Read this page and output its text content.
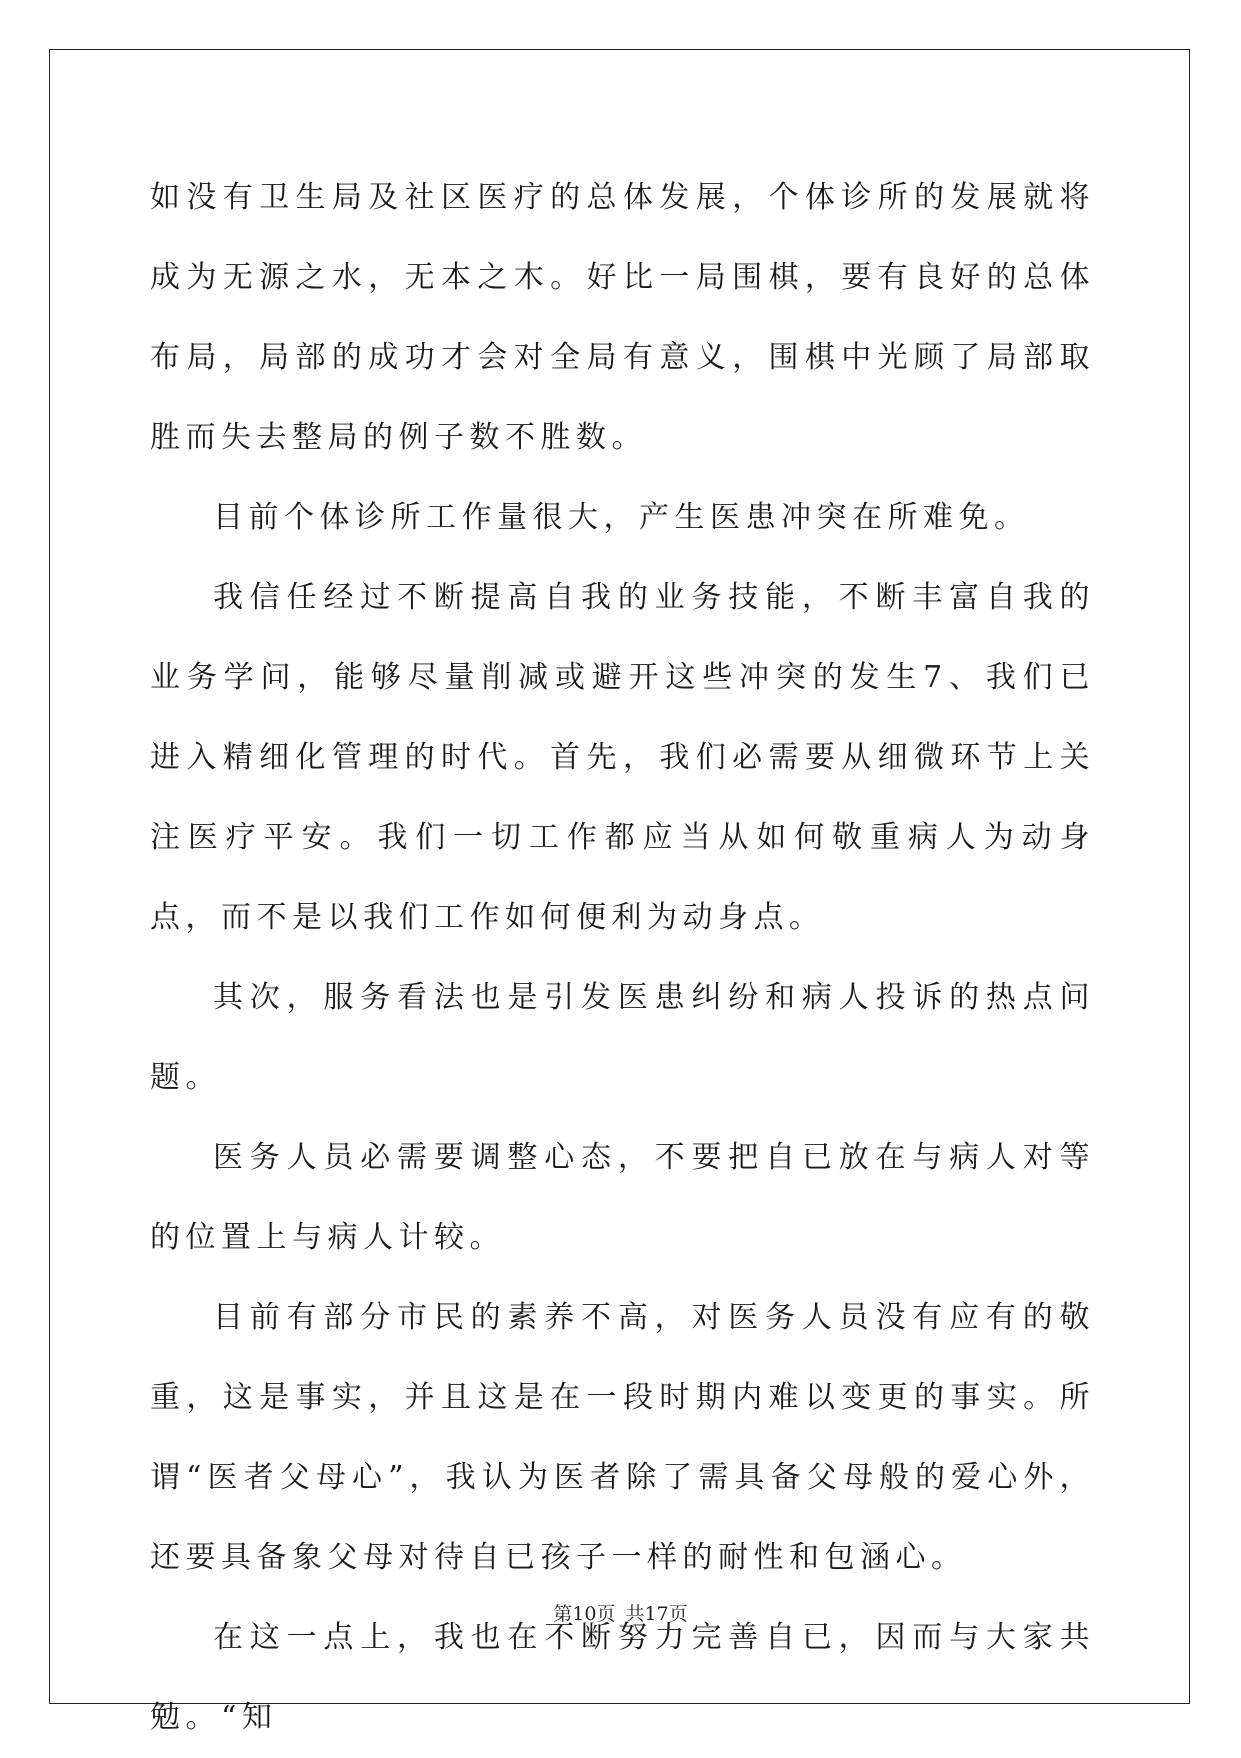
如没有卫生局及社区医疗的总体发展，个体诊所的发展就将成为无源之水，无本之木。好比一局围棋，要有良好的总体布局，局部的成功才会对全局有意义，围棋中光顾了局部取胜而失去整局的例子数不胜数。

目前个体诊所工作量很大，产生医患冲突在所难免。

我信任经过不断提高自我的业务技能，不断丰富自我的业务学问，能够尽量削减或避开这些冲突的发生7、我们已进入精细化管理的时代。首先，我们必需要从细微环节上关注医疗平安。我们一切工作都应当从如何敬重病人为动身点，而不是以我们工作如何便利为动身点。

其次，服务看法也是引发医患纠纷和病人投诉的热点问题。

医务人员必需要调整心态，不要把自已放在与病人对等的位置上与病人计较。

目前有部分市民的素养不高，对医务人员没有应有的敬重，这是事实，并且这是在一段时期内难以变更的事实。所谓“医者父母心”，我认为医者除了需具备父母般的爱心外，还要具备象父母对待自已孩子一样的耐性和包涵心。

在这一点上，我也在不断努力完善自已，因而与大家共勉。“知

第10页 共17页
